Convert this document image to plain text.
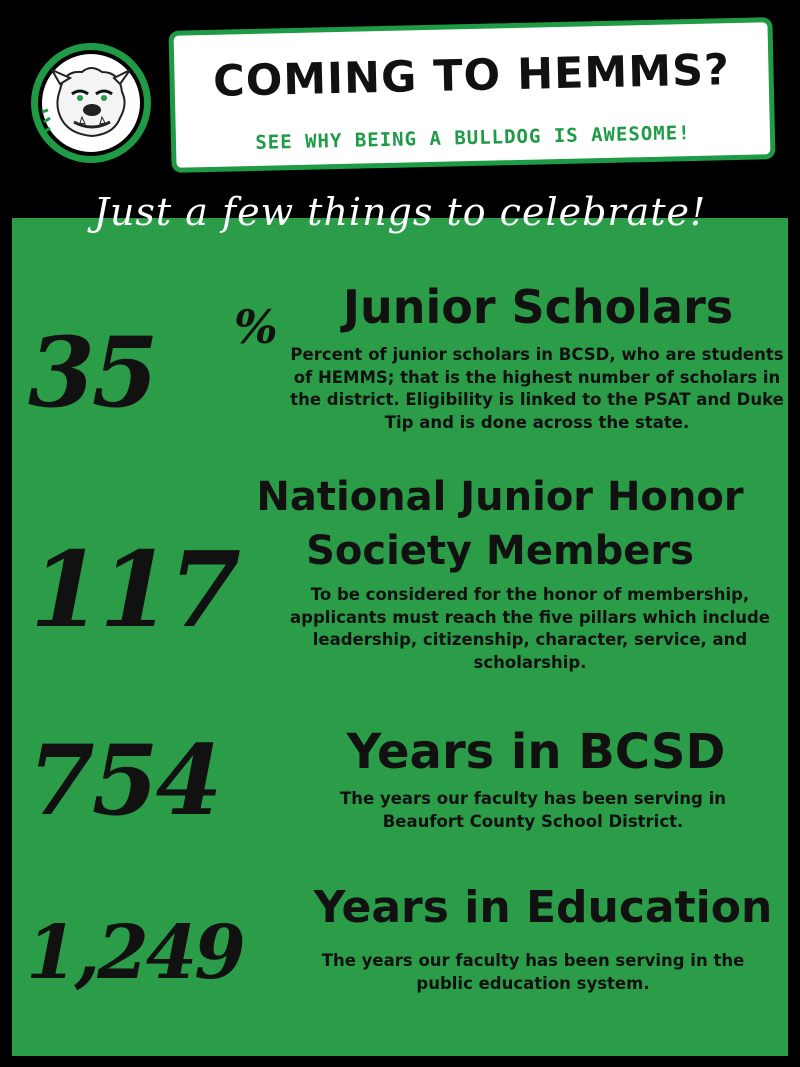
COMING TO HEMMS?
SEE WHY BEING A BULLDOG IS AWESOME!
Just a few things to celebrate!
35 %	Junior Scholars
Percent of junior scholars in BCSD, who are students of HEMMS; that is the highest number of scholars in the district. Eligibility is linked to the PSAT and Duke Tip and is done across the state.
117
National Junior Honor Society Members
To be considered for the honor of membership, applicants must reach the five pillars which include leadership, citizenship, character, service, and scholarship.
754	Years in BCSD
The years our faculty has been serving in Beaufort County School District.
1,249
Years in Education
The years our faculty has been serving in the public education system.
